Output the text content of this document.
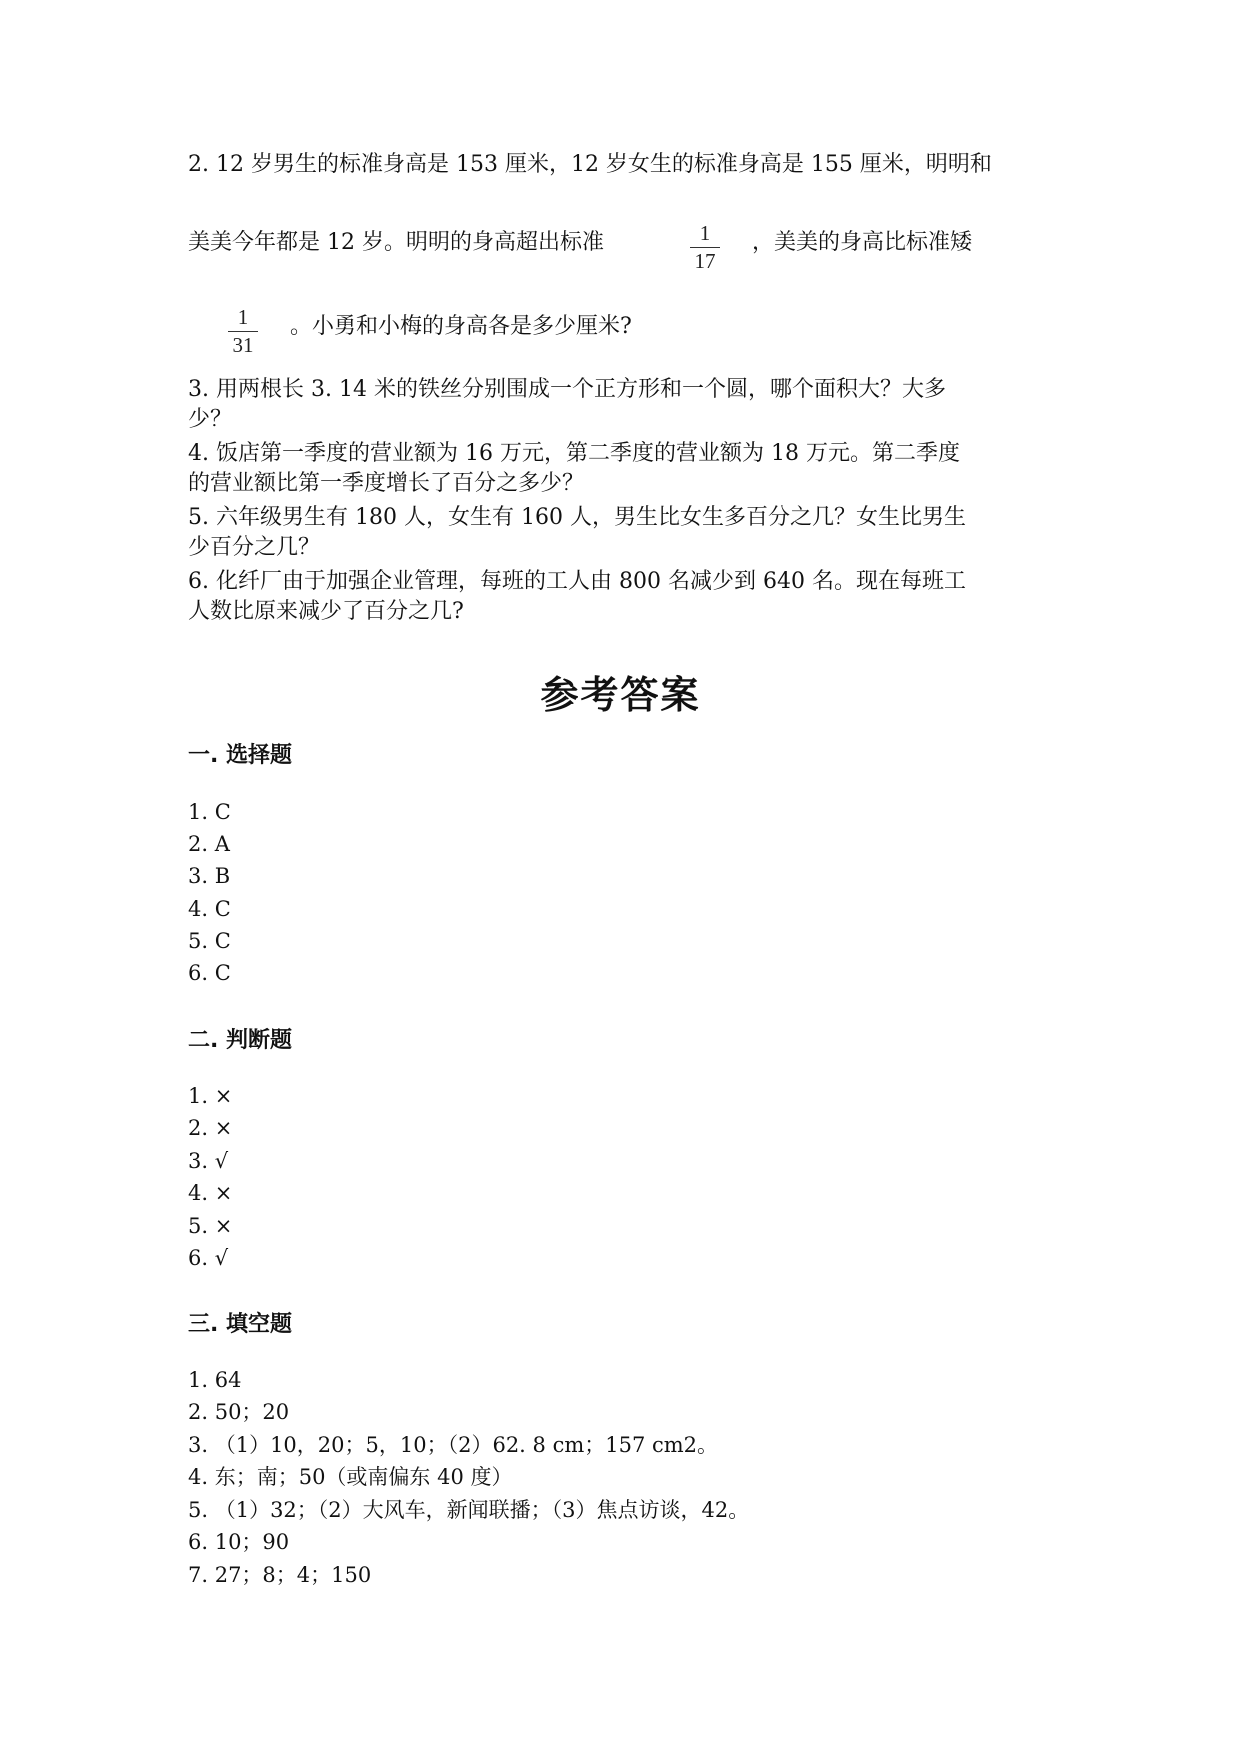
2. 12 岁男生的标准身高是 153 厘米，12 岁女生的标准身高是 155 厘米，明明和
美美今年都是 12 岁。明明的身高超出标准	1
17
，美美的身高比标准矮
1
31
。小勇和小梅的身高各是多少厘米?
3. 用两根长 3. 14 米的铁丝分别围成一个正方形和一个圆，哪个面积大？大多
少？
4. 饭店第一季度的营业额为 16 万元，第二季度的营业额为 18 万元。第二季度
的营业额比第一季度增长了百分之多少？
5. 六年级男生有 180 人，女生有 160 人，男生比女生多百分之几？女生比男生
少百分之几？
6. 化纤厂由于加强企业管理，每班的工人由 800 名减少到 640 名。现在每班工
人数比原来减少了百分之几?
参考答案
一. 选择题
1. C
2. A
3. B
4. C
5. C
6. C
二. 判断题
1. ×
2. ×
3. √
4. ×
5. ×
6. √
三. 填空题
1. 64
2. 50；20
3. （1）10，20；5，10；（2）62. 8 cm；157 cm2。
4. 东；南；50（或南偏东 40 度）
5. （1）32；（2）大风车，新闻联播；（3）焦点访谈，42。
6. 10；90
7. 27；8；4；150
